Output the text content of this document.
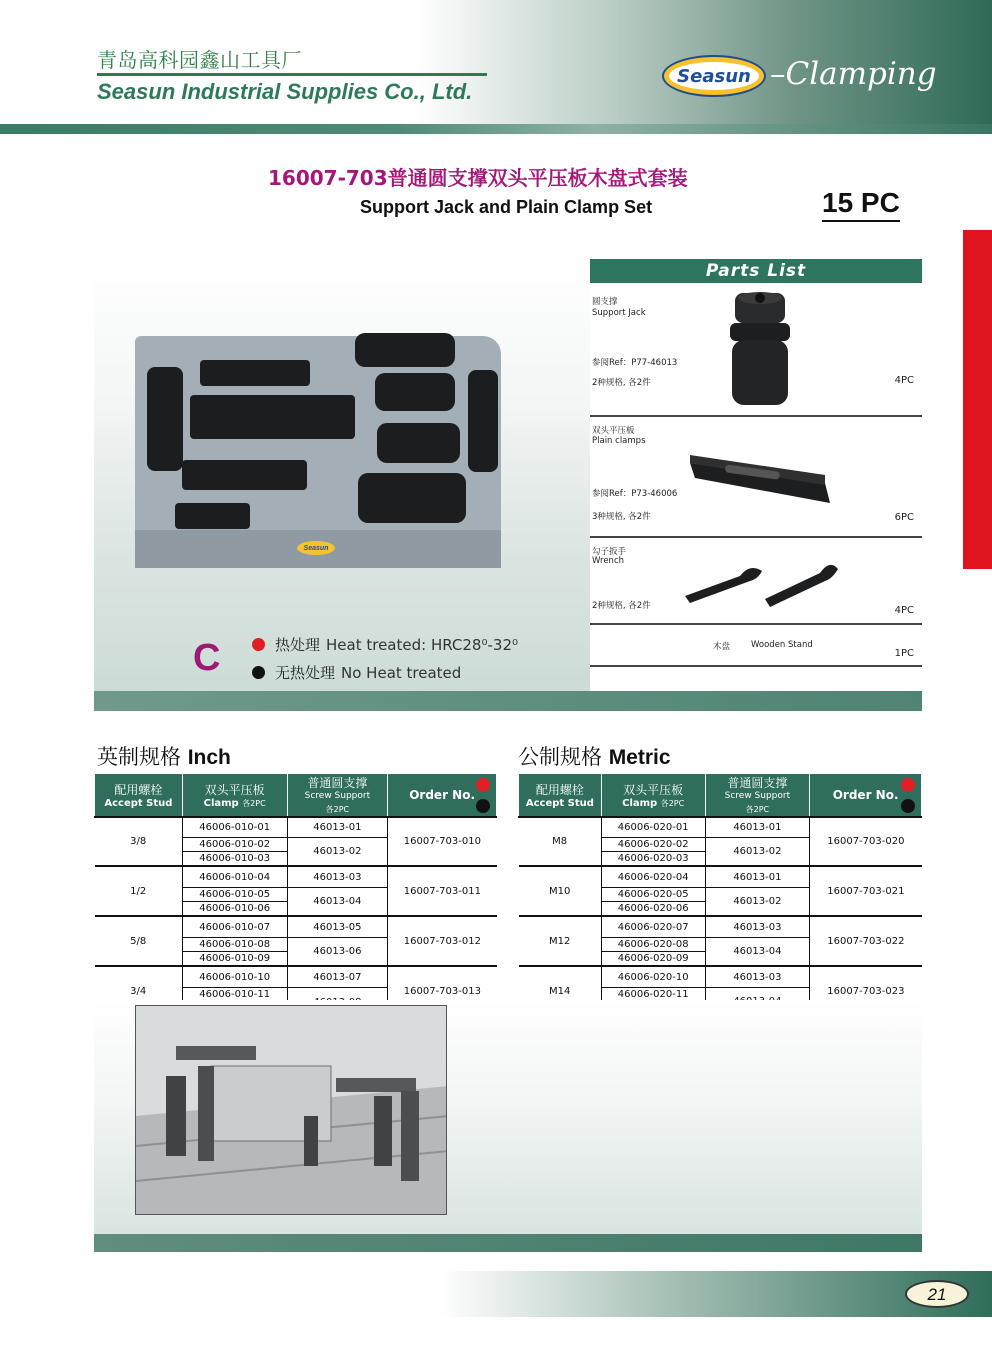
青岛高科园鑫山工具厂
Seasun Industrial Supplies Co., Ltd.
Seasun –Clamping
16007-703普通圆支撑双头平压板木盘式套装
Support Jack and Plain Clamp Set	15 PC
Seasun
C	热处理 Heat treated: HRC28⁰-32⁰
无热处理 No Heat treated
Parts List
圆支撑
Support Jack
参阅Ref：P77-46013
2种规格, 各2件	4PC
双头平压板
Plain clamps
参阅Ref：P73-46006
3种规格, 各2件	6PC
勾子扳手
Wrench
2种规格, 各2件	4PC
木盘 Wooden Stand
1PC
英制规格 Inch
配用螺栓
Accept Stud	双头平压板
Clamp 各2PC	普通圆支撑
Screw Support
各2PC	Order No.

3/8	46006-010-01	46013-01	16007-703-010
	46006-010-02	46013-02	
	46006-010-03		
1/2	46006-010-04	46013-03	16007-703-011
	46006-010-05	46013-04	
	46006-010-06		
5/8	46006-010-07	46013-05	16007-703-012
	46006-010-08	46013-06	
	46006-010-09		
3/4	46006-010-10	46013-07	16007-703-013
	46006-010-11	

公制规格 Metric
配用螺栓
Accept Stud	双头平压板
Clamp 各2PC	普通圆支撑
Screw Support
各2PC	Order No.

M8	46006-020-01	46013-01	16007-703-020
	46006-020-02	46013-02	
	46006-020-03		
M10	46006-020-04	46013-01	16007-703-021
	46006-020-05	46013-02	
	46006-020-06		
M12	46006-020-07	46013-03	16007-703-022
	46006-020-08	46013-04	
	46006-020-09		
M14	46006-020-10	46013-03	16007-703-023
	46006-020-11	

21
